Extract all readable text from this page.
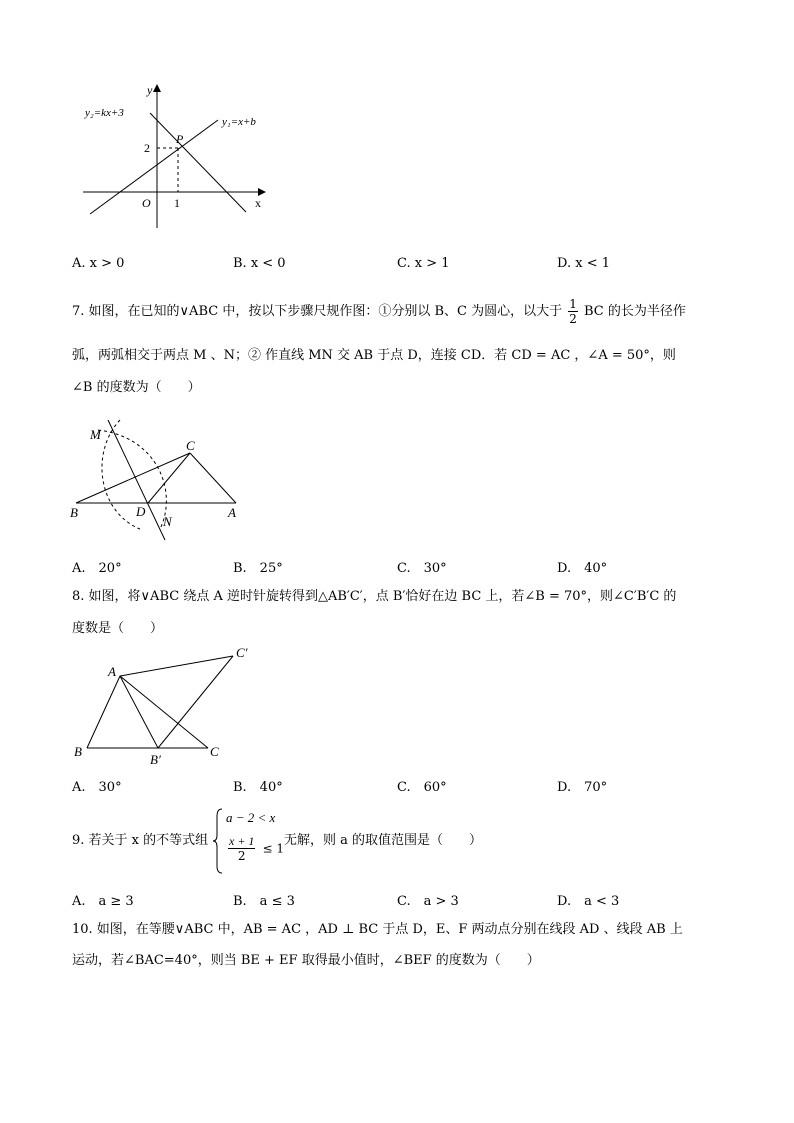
y
x
O
2
1
P
y₁=x+b
y₂=kx+3
A. x > 0	B. x < 0	C. x > 1	D. x < 1
7. 如图，在已知的∨ABC 中，按以下步骤尺规作图：①分别以 B、C 为圆心，以大于 $\frac{1}{2}$ BC 的长为半径作
弧，两弧相交于两点 M 、N；② 作直线 MN 交 AB 于点 D，连接 CD．若 CD = AC ，∠A = 50°，则
∠B 的度数为（　　）
M
N
B	D	A
C
A.　20°	B.　25°	C.　30°	D.　40°
8. 如图，将∨ABC 绕点 A 逆时针旋转得到△AB′C′，点 B′恰好在边 BC 上，若∠B = 70°，则∠C′B′C 的
度数是（　　）
A
B
B′
C
C′
A.　30°	B.　40°	C.　60°	D.　70°
9. 若关于 x 的不等式组
a − 2 < x
$\frac{x + 1}{2} \le 1$
无解，则 a 的取值范围是（　　）
A.　a ≥ 3	B.　a ≤ 3	C.　a > 3	D.　a < 3
10. 如图，在等腰∨ABC 中，AB = AC ，AD ⊥ BC 于点 D，E、F 两动点分别在线段 AD 、线段 AB 上
运动，若∠BAC=40°，则当 BE + EF 取得最小值时，∠BEF 的度数为（　　）
